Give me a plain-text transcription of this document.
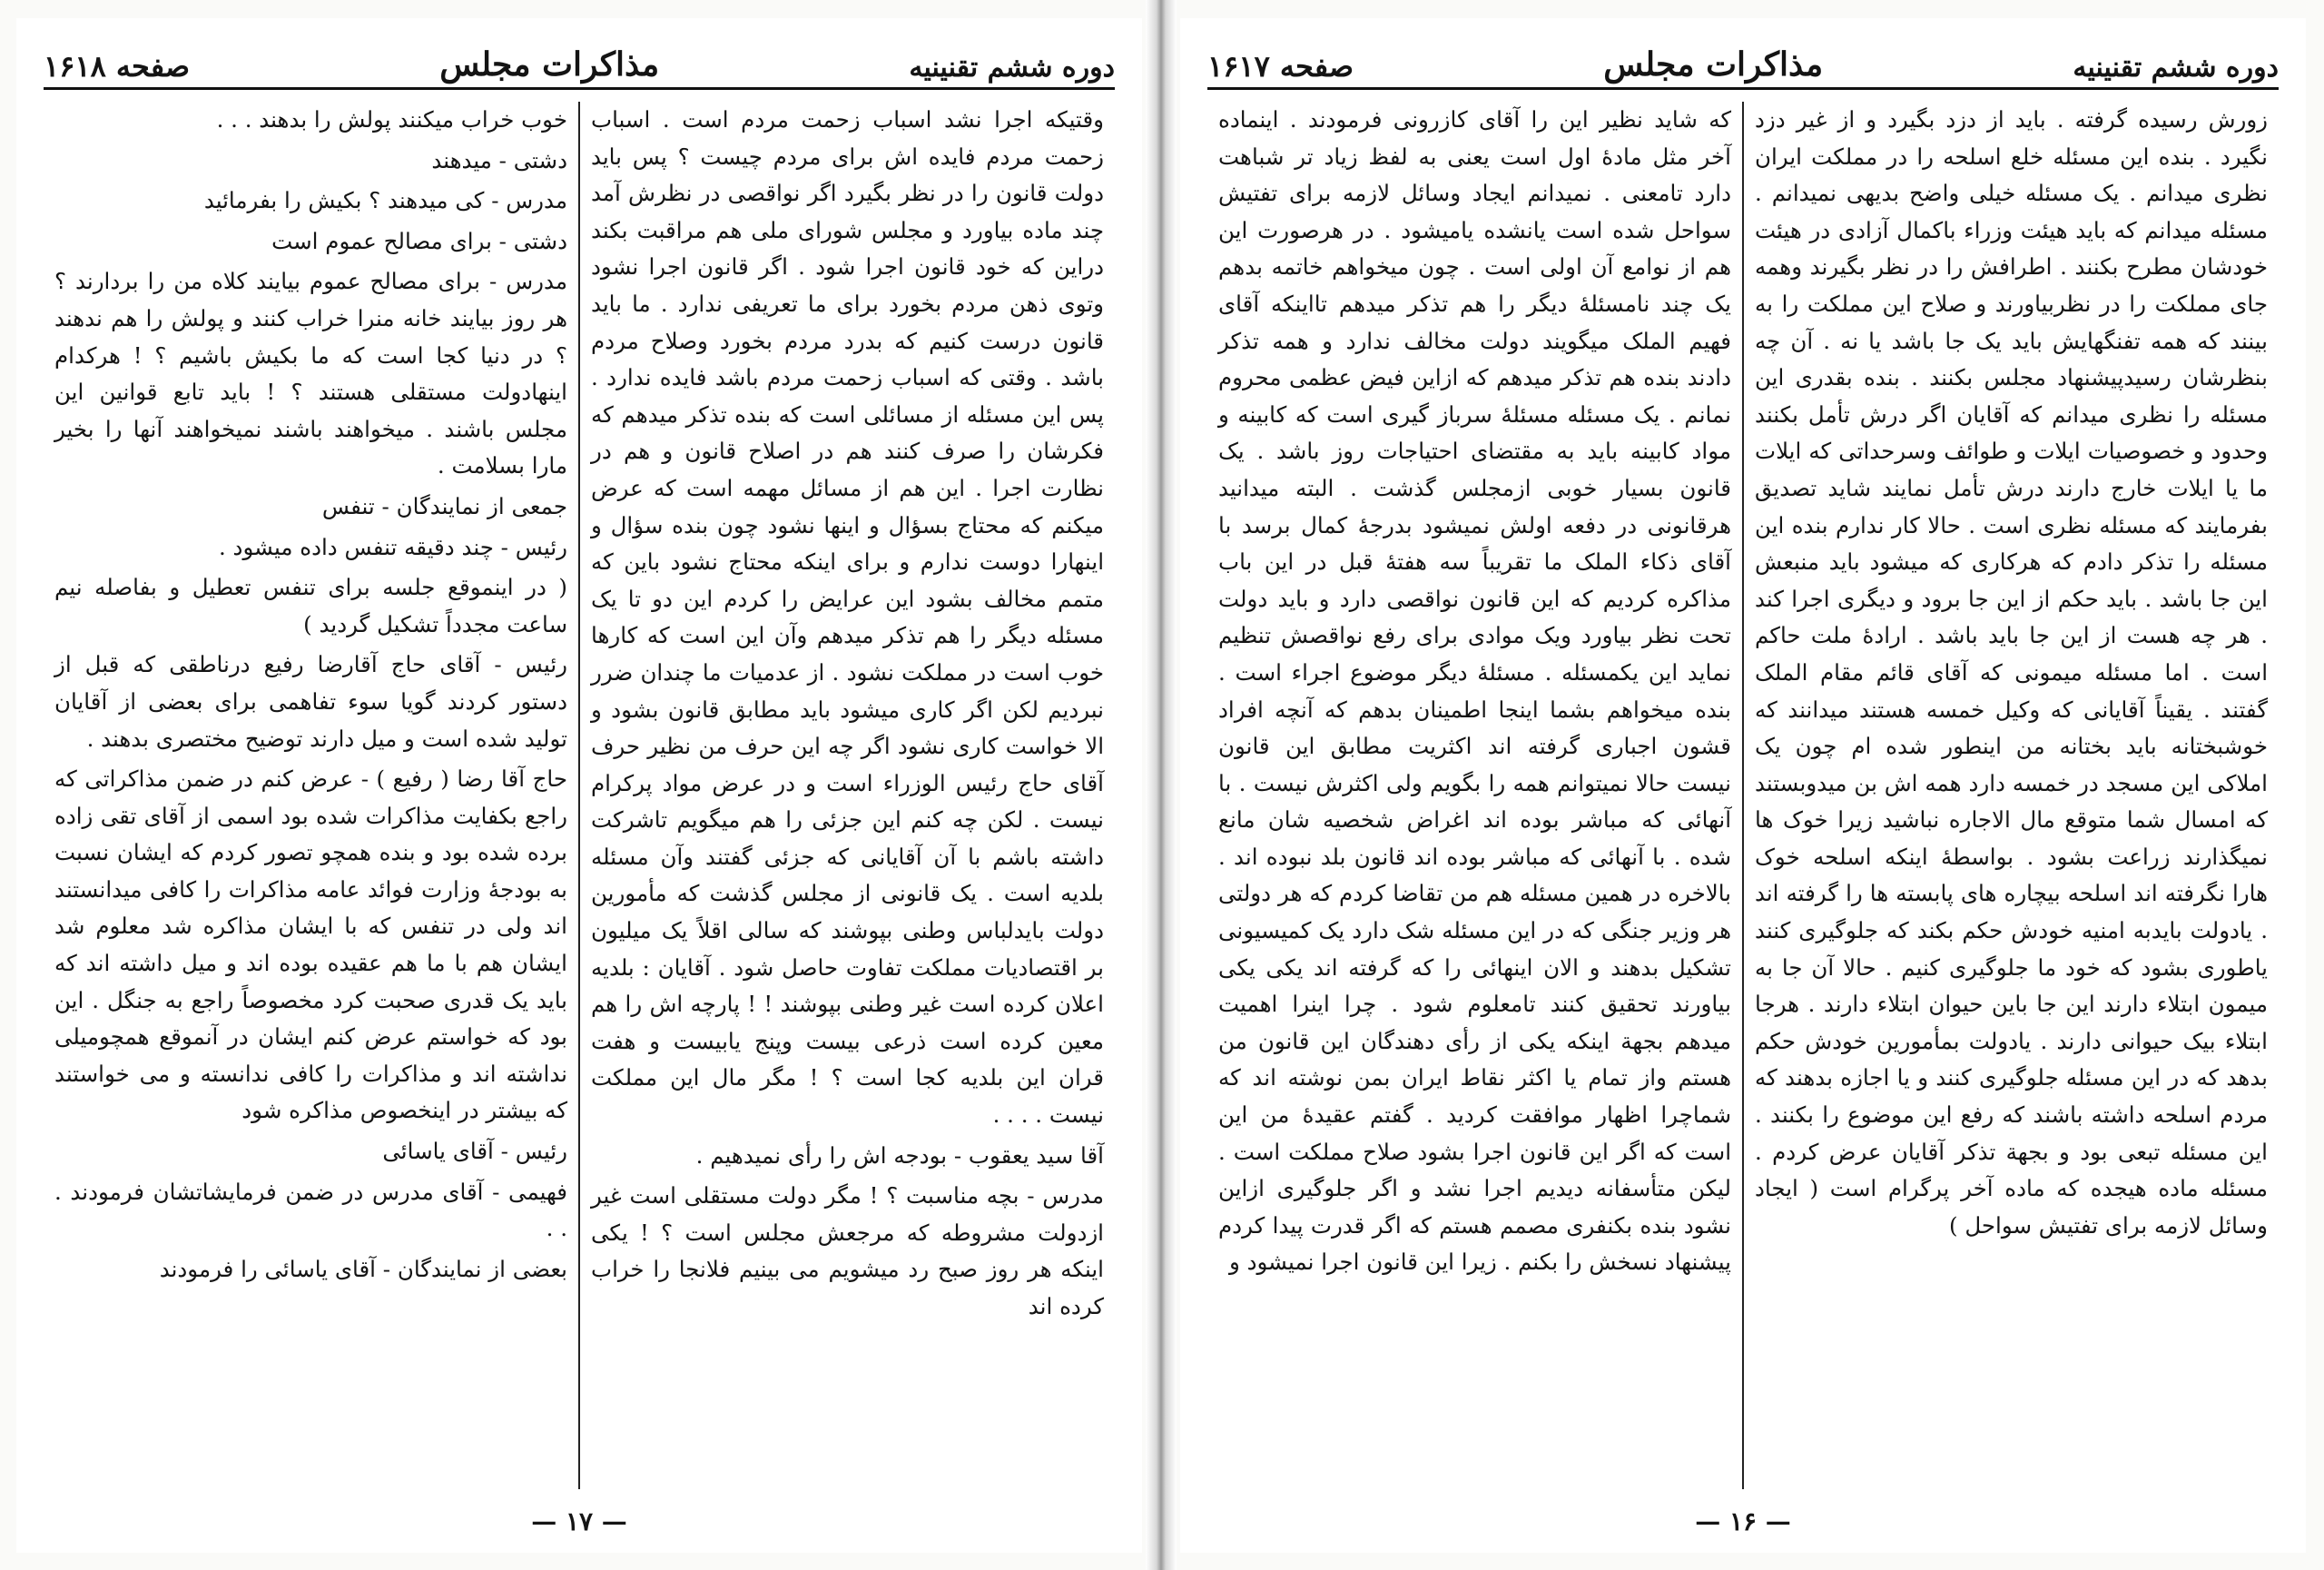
دوره ششم تقنینیه
مذاکرات مجلس
صفحه ۱۶۱۸

وقتیکه اجرا نشد اسباب زحمت مردم است . اسباب زحمت مردم فایده اش برای مردم چیست ؟ پس باید دولت قانون را در نظر بگیرد اگر نواقصی در نظرش آمد چند ماده بیاورد و مجلس شورای ملی هم مراقبت بکند دراین که خود قانون اجرا شود . اگر قانون اجرا نشود وتوی ذهن مردم بخورد برای ما تعریفی ندارد . ما باید قانون درست کنیم که بدرد مردم بخورد وصلاح مردم باشد . وقتی که اسباب زحمت مردم باشد فایده ندارد . پس این مسئله از مسائلی است که بنده تذکر میدهم که فکرشان را صرف کنند هم در اصلاح قانون و هم در نظارت اجرا . این هم از مسائل مهمه است که عرض میکنم که محتاج بسؤال و اینها نشود چون بنده سؤال و اینهارا دوست ندارم و برای اینکه محتاج نشود باین که متمم مخالف بشود این عرایض را کردم این دو تا یک مسئله دیگر را هم تذکر میدهم وآن این است که کارها خوب است در مملکت نشود . از عدمیات ما چندان ضرر نبردیم لکن اگر کاری میشود باید مطابق قانون بشود و الا خواست کاری نشود اگر چه این حرف من نظیر حرف آقای حاج رئیس الوزراء است و در عرض مواد پرکرام نیست . لکن چه کنم این جزئی را هم میگویم تاشرکت داشته باشم با آن آقایانی که جزئی گفتند وآن مسئله بلدیه است . یک قانونی از مجلس گذشت که مأمورین دولت بایدلباس وطنی بپوشند که سالی اقلاً یک میلیون بر اقتصادیات مملکت تفاوت حاصل شود . آقایان : بلدیه اعلان کرده است غیر وطنی بپوشند ! ! پارچه اش را هم معین کرده است ذرعی بیست وپنج یابیست و هفت قران این بلدیه کجا است ؟ ! مگر مال این مملکت نیست . . . .

آقا سید یعقوب - بودجه اش را رأی نمیدهیم .

مدرس - بچه مناسبت ؟ ! مگر دولت مستقلی است غیر ازدولت مشروطه که مرجعش مجلس است ؟ ! یکی اینکه هر روز صبح رد میشویم می بینیم فلانجا را خراب کرده اند

خوب خراب میکنند پولش را بدهند . . .

دشتی - میدهند

مدرس - کی میدهند ؟ بکیش را بفرمائید

دشتی - برای مصالح عموم است

مدرس - برای مصالح عموم بیایند کلاه من را بردارند ؟ هر روز بیایند خانه منرا خراب کنند و پولش را هم ندهند ؟ در دنیا کجا است که ما بکیش باشیم ؟ ! هرکدام اینهادولت مستقلی هستند ؟ ! باید تابع قوانین این مجلس باشند . میخواهند باشند نمیخواهند آنها را بخیر مارا بسلامت .

جمعی از نمایندگان - تنفس

رئیس - چند دقیقه تنفس داده میشود .

( در اینموقع جلسه برای تنفس تعطیل و بفاصله نیم ساعت مجدداً تشکیل گردید )

رئیس - آقای حاج آقارضا رفیع درناطقی که قبل از دستور کردند گویا سوء تفاهمی برای بعضی از آقایان تولید شده است و میل دارند توضیح مختصری بدهند .

حاج آقا رضا ( رفیع ) - عرض کنم در ضمن مذاکراتی که راجع بکفایت مذاکرات شده بود اسمی از آقای تقی زاده برده شده بود و بنده همچو تصور کردم که ایشان نسبت به بودجهٔ وزارت فوائد عامه مذاکرات را کافی میدانستند اند ولی در تنفس که با ایشان مذاکره شد معلوم شد ایشان هم با ما هم عقیده بوده اند و میل داشته اند که باید یک قدری صحبت کرد مخصوصاً راجع به جنگل . این بود که خواستم عرض کنم ایشان در آنموقع همچومیلی نداشته اند و مذاکرات را کافی ندانسته و می خواستند که بیشتر در اینخصوص مذاکره شود

رئیس - آقای یاسائی

فهیمی - آقای مدرس در ضمن فرمایشاتشان فرمودند . . .

بعضی از نمایندگان - آقای یاسائی را فرمودند

— ۱۷ —
دوره ششم تقنینیه
مذاکرات مجلس
صفحه ۱۶۱۷

زورش رسیده گرفته . باید از دزد بگیرد و از غیر دزد نگیرد . بنده این مسئله خلع اسلحه را در مملکت ایران نظری میدانم . یک مسئله خیلی واضح بدیهی نمیدانم . مسئله میدانم که باید هیئت وزراء باکمال آزادی در هیئت خودشان مطرح بکنند . اطرافش را در نظر بگیرند وهمه جای مملکت را در نظربیاورند و صلاح این مملکت را به بینند که همه تفنگهایش باید یک جا باشد یا نه . آن چه بنظرشان رسیدپیشنهاد مجلس بکنند . بنده بقدری این مسئله را نظری میدانم که آقایان اگر درش تأمل بکنند وحدود و خصوصیات ایلات و طوائف وسرحداتی که ایلات ما یا ایلات خارج دارند درش تأمل نمایند شاید تصدیق بفرمایند که مسئله نظری است . حالا کار ندارم بنده این مسئله را تذکر دادم که هرکاری که میشود باید منبعش این جا باشد . باید حکم از این جا برود و دیگری اجرا کند . هر چه هست از این جا باید باشد . ارادهٔ ملت حاکم است . اما مسئله میمونی که آقای قائم مقام الملک گفتند . یقیناً آقایانی که وکیل خمسه هستند میدانند که خوشبختانه باید بختانه من اینطور شده ام چون یک املاکی این مسجد در خمسه دارد همه اش بن میدوبستند که امسال شما متوقع مال الاجاره نباشید زیرا خوک ها نمیگذارند زراعت بشود . بواسطهٔ اینکه اسلحه خوک هارا نگرفته اند اسلحه بیچاره های پابسته ها را گرفته اند . یادولت بایدبه امنیه خودش حکم بکند که جلوگیری کنند یاطوری بشود که خود ما جلوگیری کنیم . حالا آن جا به میمون ابتلاء دارند این جا باین حیوان ابتلاء دارند . هرجا ابتلاء بیک حیوانی دارند . یادولت بمأمورین خودش حکم بدهد که در این مسئله جلوگیری کنند و یا اجازه بدهند که مردم اسلحه داشته باشند که رفع این موضوع را بکنند . این مسئله تبعی بود و بجهة تذکر آقایان عرض کردم . مسئله ماده هیجده که ماده آخر پرگرام است ( ایجاد وسائل لازمه برای تفتیش سواحل )

که شاید نظیر این را آقای کازرونی فرمودند . اینماده آخر مثل مادهٔ اول است یعنی به لفظ زیاد تر شباهت دارد تامعنی . نمیدانم ایجاد وسائل لازمه برای تفتیش سواحل شده است یانشده یامیشود . در هرصورت این هم از نوامع آن اولی است . چون میخواهم خاتمه بدهم یک چند نامسئلهٔ دیگر را هم تذکر میدهم تااینکه آقای فهیم الملک میگویند دولت مخالف ندارد و همه تذکر دادند بنده هم تذکر میدهم که ازاین فیض عظمی محروم نمانم . یک مسئله مسئلهٔ سرباز گیری است که کابینه و مواد کابینه باید به مقتضای احتیاجات روز باشد . یک قانون بسیار خوبی ازمجلس گذشت . البته میدانید هرقانونی در دفعه اولش نمیشود بدرجهٔ کمال برسد با آقای ذکاء الملک ما تقریباً سه هفتهٔ قبل در این باب مذاکره کردیم که این قانون نواقصی دارد و باید دولت تحت نظر بیاورد ویک موادی برای رفع نواقصش تنظیم نماید این یکمسئله . مسئلهٔ دیگر موضوع اجراء است . بنده میخواهم بشما اینجا اطمینان بدهم که آنچه افراد قشون اجباری گرفته اند اکثریت مطابق این قانون نیست حالا نمیتوانم همه را بگویم ولی اکثرش نیست . با آنهائی که مباشر بوده اند اغراض شخصیه شان مانع شده . با آنهائی که مباشر بوده اند قانون بلد نبوده اند . بالاخره در همین مسئله هم من تقاضا کردم که هر دولتی هر وزیر جنگی که در این مسئله شک دارد یک کمیسیونی تشکیل بدهند و الان اینهائی را که گرفته اند یکی یکی بیاورند تحقیق کنند تامعلوم شود . چرا اینرا اهمیت میدهم بجهة اینکه یکی از رأی دهندگان این قانون من هستم واز تمام یا اکثر نقاط ایران بمن نوشته اند که شماچرا اظهار موافقت کردید . گفتم عقیدهٔ من این است که اگر این قانون اجرا بشود صلاح مملکت است . لیکن متأسفانه دیدیم اجرا نشد و اگر جلوگیری ازاین نشود بنده بکنفری مصمم هستم که اگر قدرت پیدا کردم پیشنهاد نسخش را بکنم . زیرا این قانون اجرا نمیشود و

— ۱۶ —
